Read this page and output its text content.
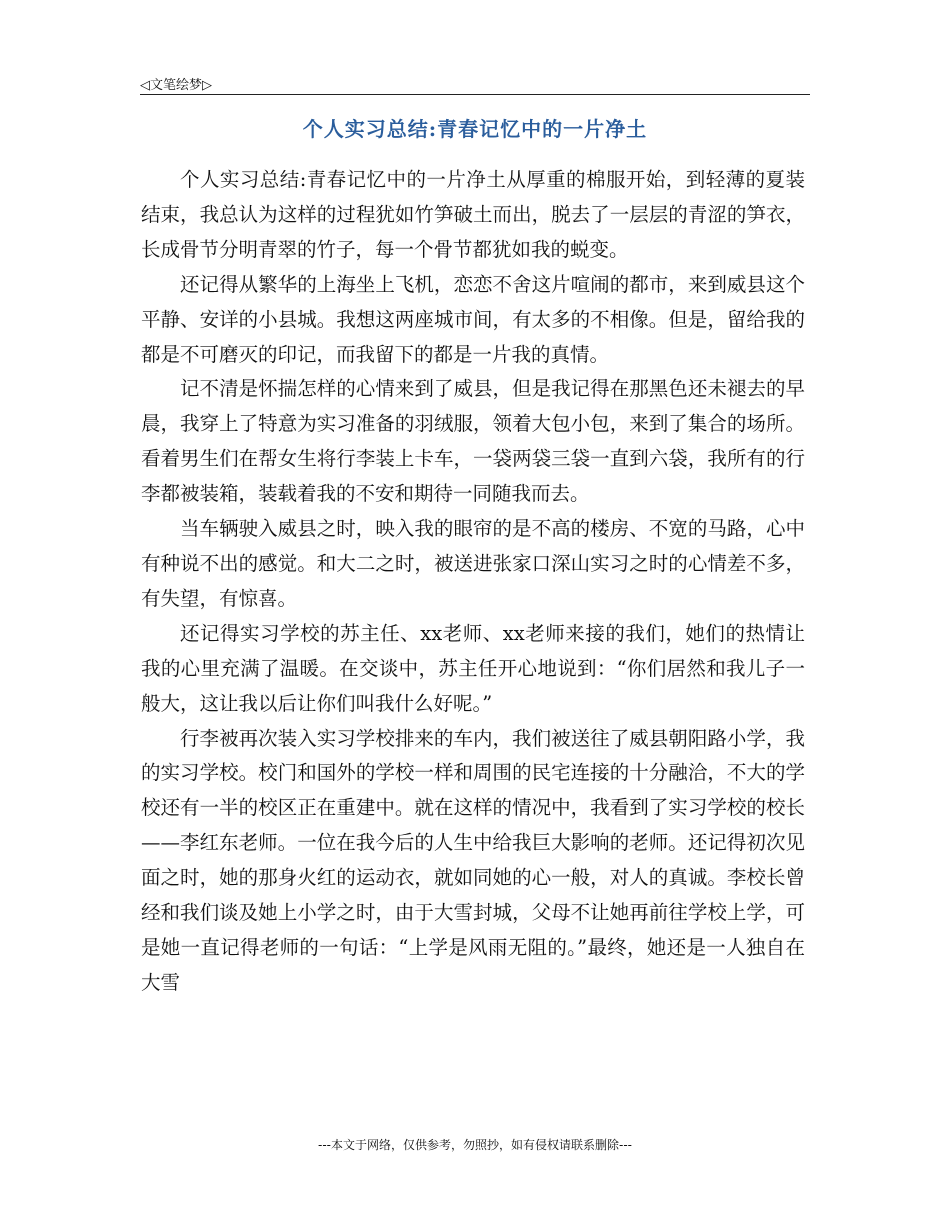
◁文笔绘梦▷
个人实习总结:青春记忆中的一片净土

个人实习总结:青春记忆中的一片净土从厚重的棉服开始，到轻薄的夏装结束，我总认为这样的过程犹如竹笋破土而出，脱去了一层层的青涩的笋衣，长成骨节分明青翠的竹子，每一个骨节都犹如我的蜕变。

还记得从繁华的上海坐上飞机，恋恋不舍这片喧闹的都市，来到威县这个平静、安详的小县城。我想这两座城市间，有太多的不相像。但是，留给我的都是不可磨灭的印记，而我留下的都是一片我的真情。

记不清是怀揣怎样的心情来到了威县，但是我记得在那黑色还未褪去的早晨，我穿上了特意为实习准备的羽绒服，领着大包小包，来到了集合的场所。看着男生们在帮女生将行李装上卡车，一袋两袋三袋一直到六袋，我所有的行李都被装箱，装载着我的不安和期待一同随我而去。

当车辆驶入威县之时，映入我的眼帘的是不高的楼房、不宽的马路，心中有种说不出的感觉。和大二之时，被送进张家口深山实习之时的心情差不多，有失望，有惊喜。

还记得实习学校的苏主任、xx老师、xx老师来接的我们，她们的热情让我的心里充满了温暖。在交谈中，苏主任开心地说到：“你们居然和我儿子一般大，这让我以后让你们叫我什么好呢。”

行李被再次装入实习学校排来的车内，我们被送往了威县朝阳路小学，我的实习学校。校门和国外的学校一样和周围的民宅连接的十分融洽，不大的学校还有一半的校区正在重建中。就在这样的情况中，我看到了实习学校的校长——李红东老师。一位在我今后的人生中给我巨大影响的老师。还记得初次见面之时，她的那身火红的运动衣，就如同她的心一般，对人的真诚。李校长曾经和我们谈及她上小学之时，由于大雪封城，父母不让她再前往学校上学，可是她一直记得老师的一句话：“上学是风雨无阻的。”最终，她还是一人独自在大雪

---本文于网络，仅供参考，勿照抄，如有侵权请联系删除---
